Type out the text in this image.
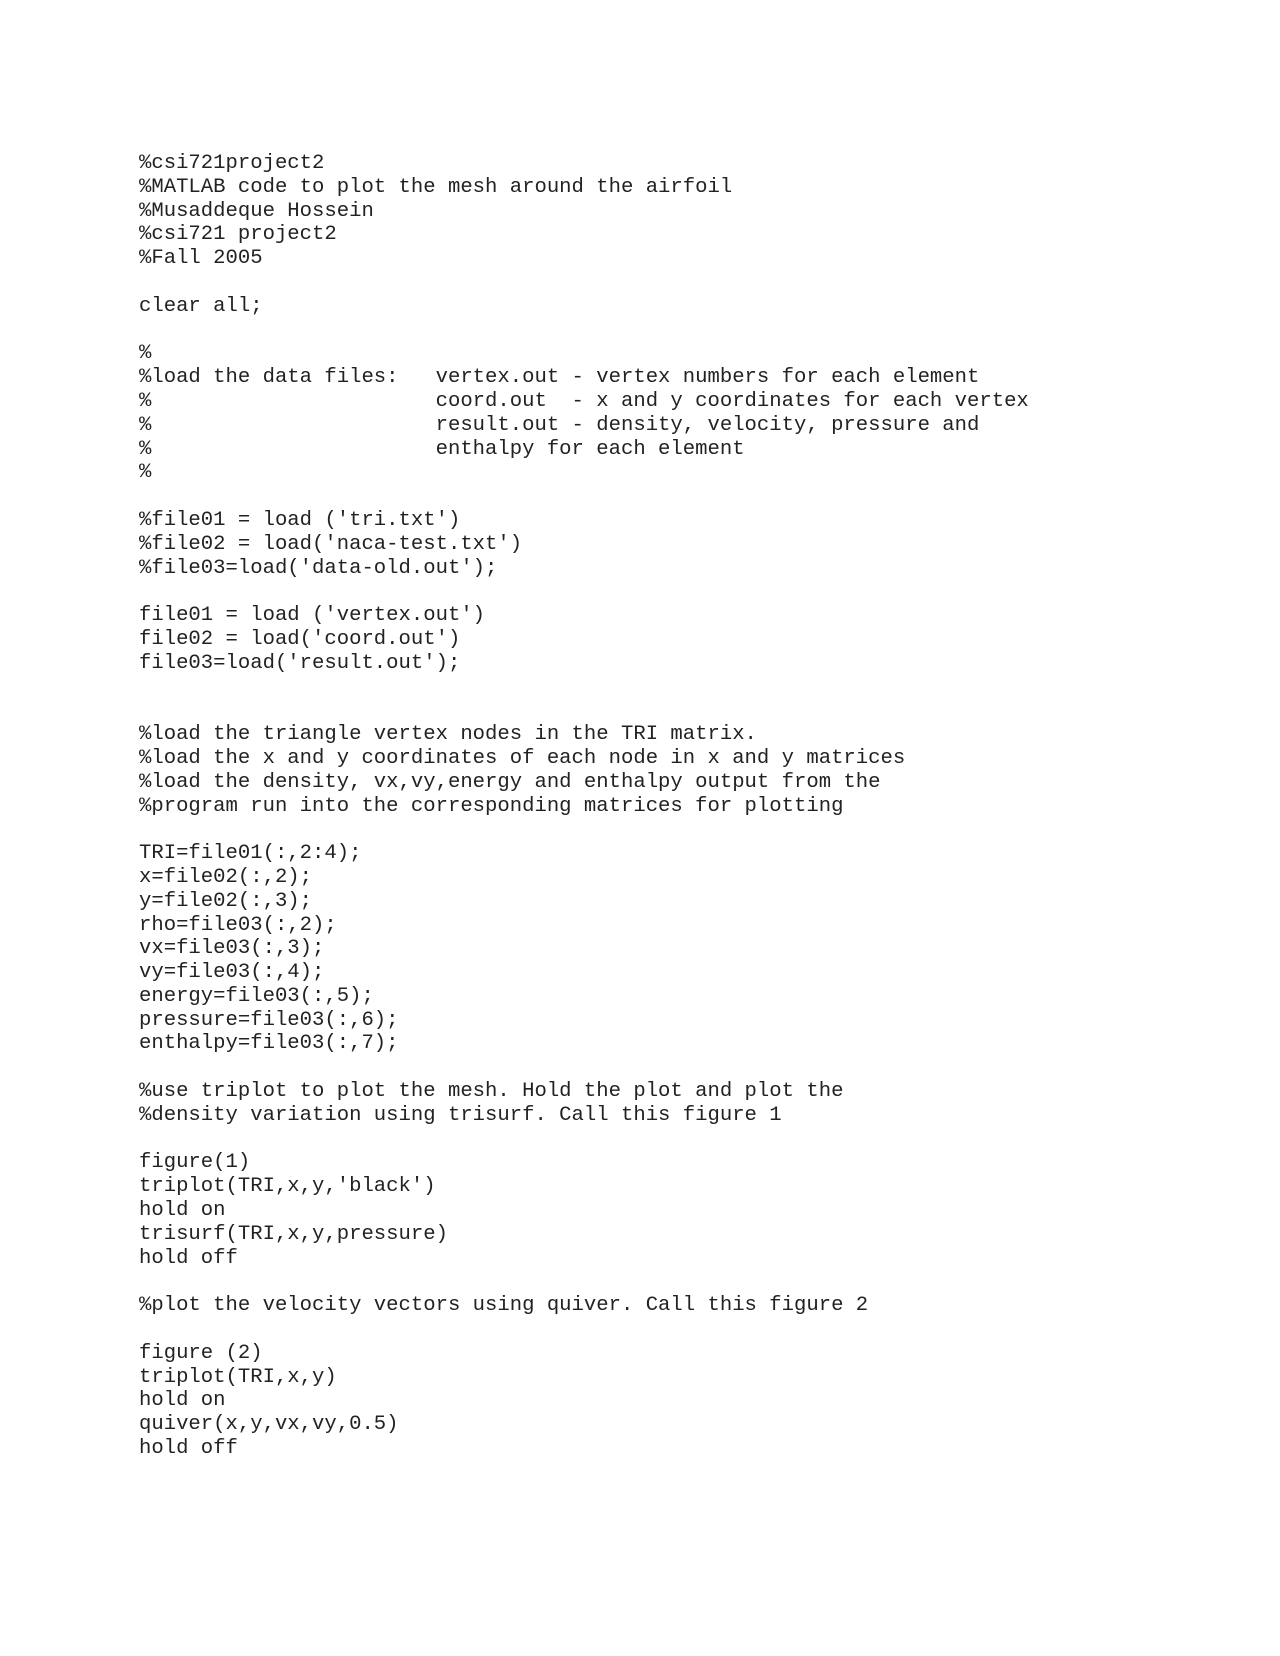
%csi721project2
%MATLAB code to plot the mesh around the airfoil
%Musaddeque Hossein
%csi721 project2
%Fall 2005
clear all;
%
%load the data files:   vertex.out - vertex numbers for each element
%                       coord.out  - x and y coordinates for each vertex
%                       result.out - density, velocity, pressure and
%                       enthalpy for each element
%
%file01 = load ('tri.txt')
%file02 = load('naca-test.txt')
%file03=load('data-old.out');
file01 = load ('vertex.out')
file02 = load('coord.out')
file03=load('result.out');
%load the triangle vertex nodes in the TRI matrix.
%load the x and y coordinates of each node in x and y matrices
%load the density, vx,vy,energy and enthalpy output from the
%program run into the corresponding matrices for plotting
TRI=file01(:,2:4);
x=file02(:,2);
y=file02(:,3);
rho=file03(:,2);
vx=file03(:,3);
vy=file03(:,4);
energy=file03(:,5);
pressure=file03(:,6);
enthalpy=file03(:,7);
%use triplot to plot the mesh. Hold the plot and plot the
%density variation using trisurf. Call this figure 1
figure(1)
triplot(TRI,x,y,'black')
hold on
trisurf(TRI,x,y,pressure)
hold off
%plot the velocity vectors using quiver. Call this figure 2
figure (2)
triplot(TRI,x,y)
hold on
quiver(x,y,vx,vy,0.5)
hold off
